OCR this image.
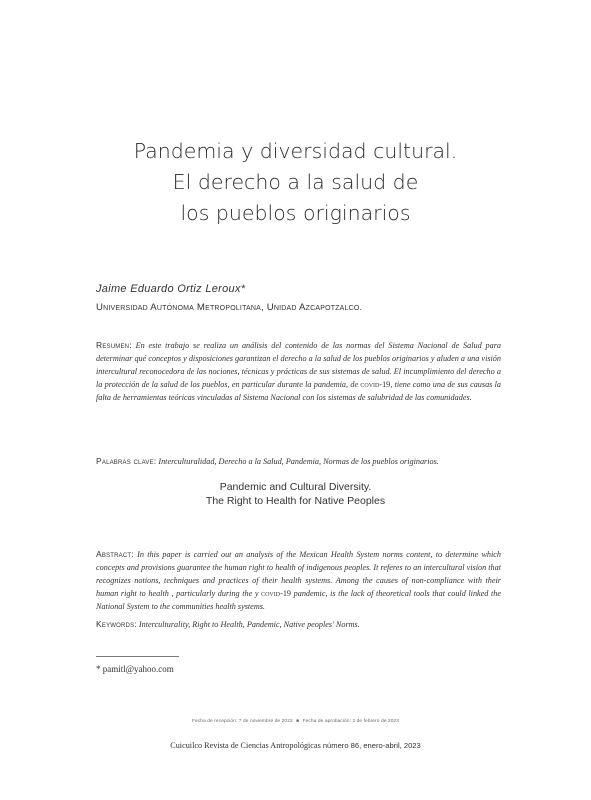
Pandemia y diversidad cultural.
El derecho a la salud de
los pueblos originarios
Jaime Eduardo Ortiz Leroux*
Universidad Autónoma Metropolitana, Unidad Azcapotzalco.
Resumen: En este trabajo se realiza un análisis del contenido de las normas del Sistema Nacional de Salud para determinar qué conceptos y disposiciones garantizan el derecho a la salud de los pueblos originarios y aluden a una visión intercultural reconocedora de las nociones, técnicas y prácticas de sus sistemas de salud. El incumplimiento del derecho a la protección de la salud de los pueblos, en particular durante la pandemia, de covid-19, tiene como una de sus causas la falta de herramientas teóricas vinculadas al Sistema Nacional con los sistemas de salubridad de las comunidades.
Palabras clave: Interculturalidad, Derecho a la Salud, Pandemia, Normas de los pueblos originarios.
Pandemic and Cultural Diversity.
The Right to Health for Native Peoples
Abstract: In this paper is carried out an analysis of the Mexican Health System norms content, to determine which concepts and provisions guarantee the human right to health of indigenous peoples. It referes to an intercultural vision that recognizes notions, techniques and practices of their health systems. Among the causes of non-compliance with their human right to health , particularly during the y covid-19 pandemic, is the lack of theoretical tools that could linked the National System to the communities health systems.
Keywords: Interculturality, Right to Health, Pandemic, Native peoples' Norms.
* pamitl@yahoo.com
Fecha de recepción: 7 de noviembre de 2022 ■ Fecha de aprobación: 2 de febrero de 2023
Cuicuilco Revista de Ciencias Antropológicas número 86, enero-abril, 2023
